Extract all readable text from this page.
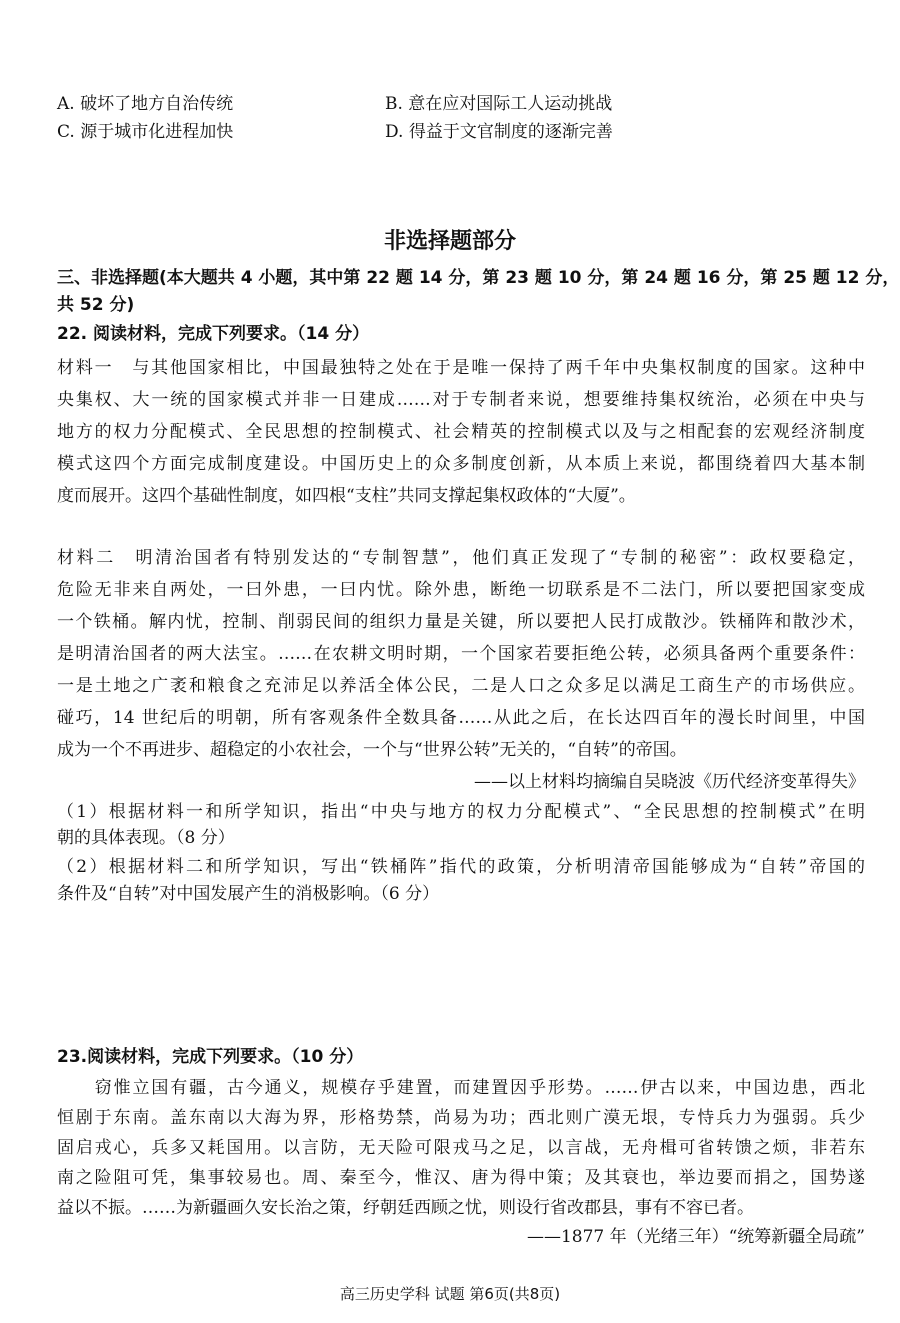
A. 破坏了地方自治传统	B. 意在应对国际工人运动挑战
C. 源于城市化进程加快	D. 得益于文官制度的逐渐完善
非选择题部分
三、非选择题(本大题共 4 小题，其中第 22 题 14 分，第 23 题 10 分，第 24 题 16 分，第 25 题 12 分，
共 52 分)
22. 阅读材料，完成下列要求。（14 分）
材料一　与其他国家相比，中国最独特之处在于是唯一保持了两千年中央集权制度的国家。这种中
央集权、大一统的国家模式并非一日建成……对于专制者来说，想要维持集权统治，必须在中央与
地方的权力分配模式、全民思想的控制模式、社会精英的控制模式以及与之相配套的宏观经济制度
模式这四个方面完成制度建设。中国历史上的众多制度创新，从本质上来说，都围绕着四大基本制
度而展开。这四个基础性制度，如四根“支柱”共同支撑起集权政体的“大厦”。
材料二　明清治国者有特别发达的“专制智慧”，他们真正发现了“专制的秘密”：政权要稳定，
危险无非来自两处，一曰外患，一曰内忧。除外患，断绝一切联系是不二法门，所以要把国家变成
一个铁桶。解内忧，控制、削弱民间的组织力量是关键，所以要把人民打成散沙。铁桶阵和散沙术，
是明清治国者的两大法宝。……在农耕文明时期，一个国家若要拒绝公转，必须具备两个重要条件：
一是土地之广袤和粮食之充沛足以养活全体公民，二是人口之众多足以满足工商生产的市场供应。
碰巧，14 世纪后的明朝，所有客观条件全数具备……从此之后，在长达四百年的漫长时间里，中国
成为一个不再进步、超稳定的小农社会，一个与“世界公转”无关的，“自转”的帝国。
——以上材料均摘编自吴晓波《历代经济变革得失》
（1）根据材料一和所学知识，指出“中央与地方的权力分配模式”、“全民思想的控制模式”在明
朝的具体表现。（8 分）
（2）根据材料二和所学知识，写出“铁桶阵”指代的政策，分析明清帝国能够成为“自转”帝国的
条件及“自转”对中国发展产生的消极影响。（6 分）
23.阅读材料，完成下列要求。（10 分）
　　窃惟立国有疆，古今通义，规模存乎建置，而建置因乎形势。……伊古以来，中国边患，西北
恒剧于东南。盖东南以大海为界，形格势禁，尚易为功；西北则广漠无垠，专恃兵力为强弱。兵少
固启戎心，兵多又耗国用。以言防，无天险可限戎马之足，以言战，无舟楫可省转馈之烦，非若东
南之险阻可凭，集事较易也。周、秦至今，惟汉、唐为得中策；及其衰也，举边要而捐之，国势遂
益以不振。……为新疆画久安长治之策，纾朝廷西顾之忧，则设行省改郡县，事有不容已者。
——1877 年（光绪三年）“统筹新疆全局疏”
高三历史学科 试题 第6页(共8页)
